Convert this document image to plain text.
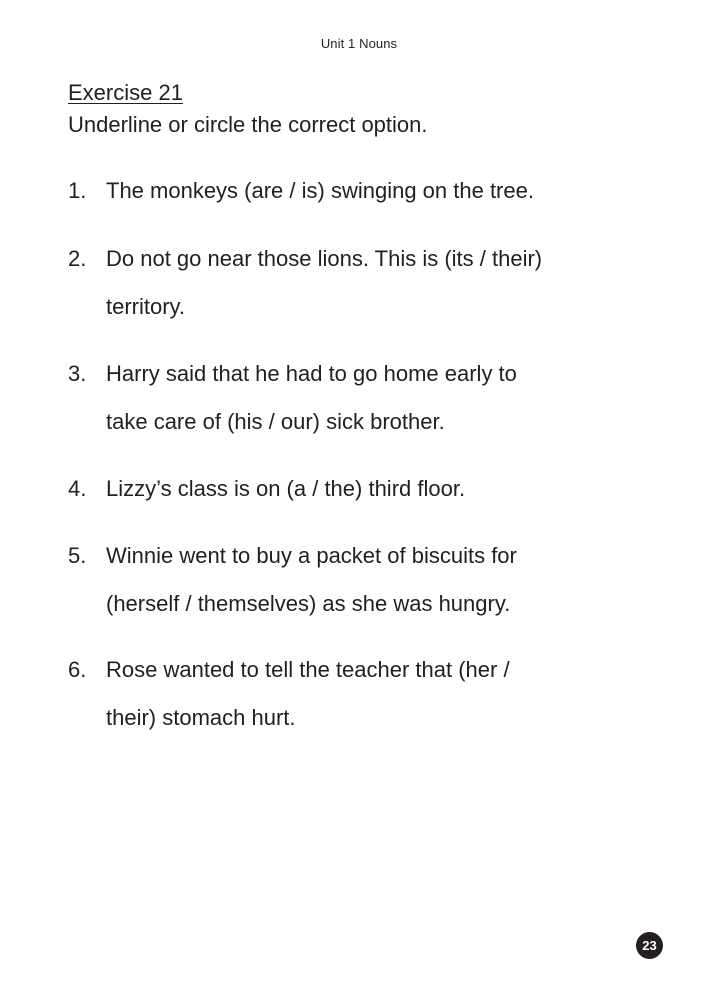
Unit 1 Nouns
Exercise 21
Underline or circle the correct option.
1. The monkeys (are / is) swinging on the tree.
2. Do not go near those lions. This is (its / their)
territory.
3. Harry said that he had to go home early to
take care of (his / our) sick brother.
4. Lizzy’s class is on (a / the) third floor.
5. Winnie went to buy a packet of biscuits for
(herself / themselves) as she was hungry.
6. Rose wanted to tell the teacher that (her /
their) stomach hurt.
23
